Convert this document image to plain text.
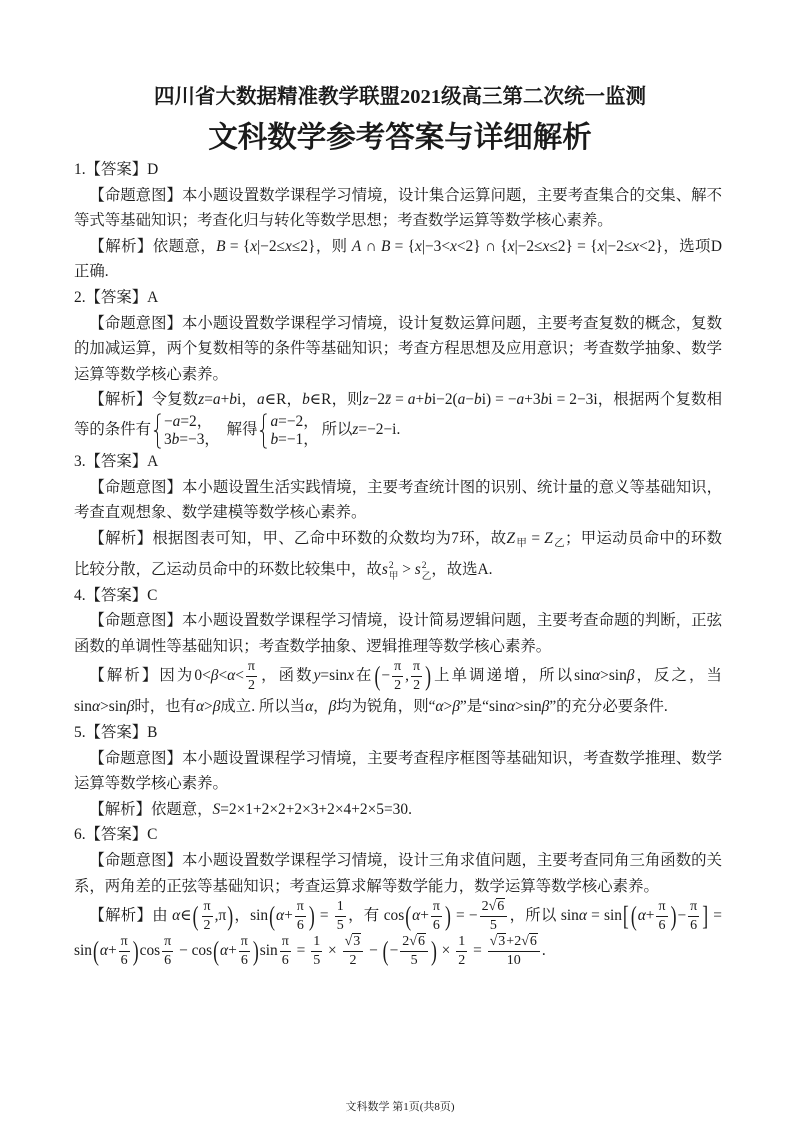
四川省大数据精准教学联盟2021级高三第二次统一监测
文科数学参考答案与详细解析
1.【答案】D

【命题意图】本小题设置数学课程学习情境，设计集合运算问题，主要考查集合的交集、解不等式等基础知识；考查化归与转化等数学思想；考查数学运算等数学核心素养。

【解析】依题意，B = {x|−2≤x≤2}，则 A ∩ B = {x|−3<x<2} ∩ {x|−2≤x≤2} = {x|−2≤x<2}，选项D正确.

2.【答案】A

【命题意图】本小题设置数学课程学习情境，设计复数运算问题，主要考查复数的概念，复数的加减运算，两个复数相等的条件等基础知识；考查方程思想及应用意识；考查数学抽象、数学运算等数学核心素养。

【解析】令复数z=a+bi，a∈R，b∈R，则z−2z̄ = a+bi−2(a−bi) = −a+3bi = 2−3i，根据两个复数相等的条件有
−a=2，
3b=−3，
解得
a=−2，
b=−1，
所以z=−2−i.

3.【答案】A

【命题意图】本小题设置生活实践情境，主要考查统计图的识别、统计量的意义等基础知识，考查直观想象、数学建模等数学核心素养。

【解析】根据图表可知，甲、乙命中环数的众数均为7环，故$Z_甲 = Z_乙$；甲运动员命中的环数比较分散，乙运动员命中的环数比较集中，故s 2
甲 > s 2
乙 ，故选A.

4.【答案】C

【命题意图】本小题设置数学课程学习情境，设计简易逻辑问题，主要考查命题的判断，正弦函数的单调性等基础知识；考查数学抽象、逻辑推理等数学核心素养。

【解析】因为$0<\beta<\alpha< \frac{\pi}{2}$ ，函数y=sinx在(− $\frac{\pi}{2}$ , $\frac{\pi}{2}$ )上单调递增，所以sinα>sinβ，反之，当sinα>sinβ时，也有α>β成立. 所以当α，β均为锐角，则“α>β”是“sinα>sinβ”的充分必要条件.

5.【答案】B

【命题意图】本小题设置课程学习情境，主要考查程序框图等基础知识，考查数学推理、数学运算等数学核心素养。

【解析】依题意，S=2×1+2×2+2×3+2×4+2×5=30.

6.【答案】C

【命题意图】本小题设置数学课程学习情境，设计三角求值问题，主要考查同角三角函数的关系，两角差的正弦等基础知识；考查运算求解等数学能力，数学运算等数学核心素养。

【解析】由 α∈( $\frac{\pi}{2} ,\pi$)，$\sin(\alpha+ \frac{\pi}{6}$ ) = $\frac{1}{5}$ ，有 $\cos(\alpha+ \frac{\pi}{6}$ ) = − $\frac{2√6}{5}$ ，所以 sinα = sin[ ($\alpha+ \frac{\pi}{6}$ )− $\frac{\pi}{6}$ ] = $\sin(\alpha+ \frac{\pi}{6} )\cos \frac{\pi}{6} - \cos(\alpha+ \frac{\pi}{6} )\sin \frac{\pi}{6} = \frac{1}{5} \times \frac{√3}{2}$ − (− $\frac{2√6}{5}$ ) × $\frac{1}{2} = \frac{√3+2√6}{10}$ .

文科数学 第1页(共8页)
